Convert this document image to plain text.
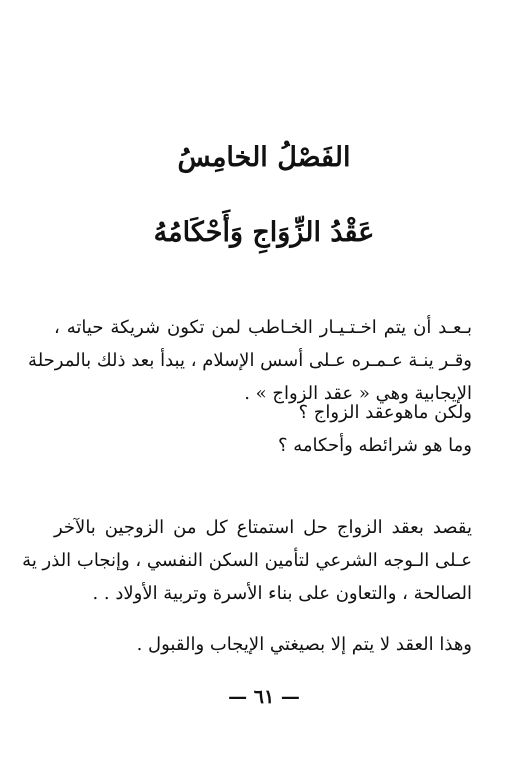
الفَصْلُ الخامِسُ
عَقْدُ الزِّوَاجِ وَأَحْكَامُهُ

بـعـد أن يتم اخـتـيـار الخـاطب لمن تكون شريكة حياته ،
وقـر ينـة عـمـره عـلى أسس الإسلام ، يبدأ بعد ذلك بالمرحلة
الإيجابية وهي « عقد الزواج » .

ولكن ماهوعقد الزواج ؟
وما هو شرائطه وأحكامه ؟

يقصد بعقد الزواج حل استمتاع كل من الزوجين بالآخر
عـلى الـوجه الشرعي لتأمين السكن النفسي ، وإنجاب الذر ية
الصالحة ، والتعاون على بناء الأسرة وتربية الأولاد . .

وهذا العقد لا يتم إلا بصيغتي الإيجاب والقبول .

— ٦١ —
